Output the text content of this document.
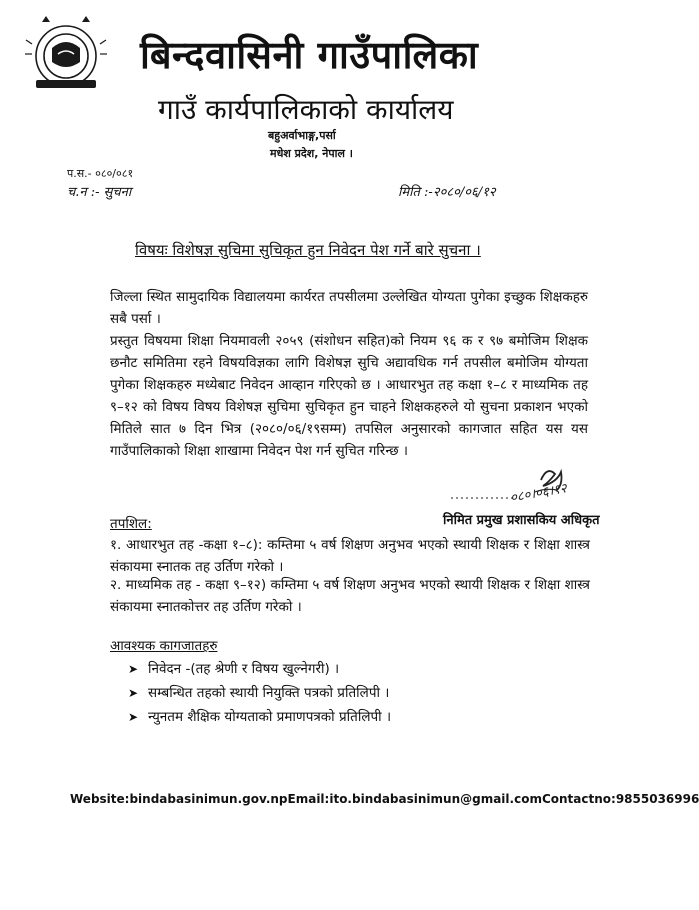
बिन्दवासिनी गाउँपालिका
गाउँ कार्यपालिकाको कार्यालय
बहुअर्वाभाङ्ग,पर्सा
मधेश प्रदेश, नेपाल ।
प.स.- ०८०/०८१
च.न :- सुचना	मिति :-२०८०/०६/१२
विषयः विशेषज्ञ सुचिमा सुचिकृत हुन निवेदन पेश गर्ने बारे सुचना ।
जिल्ला स्थित सामुदायिक विद्यालयमा कार्यरत तपसीलमा उल्लेखित योग्यता पुगेका इच्छुक शिक्षकहरु सबै पर्सा ।
प्रस्तुत विषयमा शिक्षा नियमावली २०५९ (संशोधन सहित)को नियम ९६ क र ९७ बमोजिम शिक्षक छनौट समितिमा रहने विषयविज्ञका लागि विशेषज्ञ सुचि अद्यावधिक गर्न तपसील बमोजिम योग्यता पुगेका शिक्षकहरु मध्येबाट निवेदन आव्हान गरिएको छ । आधारभुत तह कक्षा १–८ र माध्यमिक तह ९–१२ को विषय विषय विशेषज्ञ सुचिमा सुचिकृत हुन चाहने शिक्षकहरुले यो सुचना प्रकाशन भएको मितिले सात ७ दिन भित्र (२०८०/०६/१९सम्म) तपसिल अनुसारको कागजात सहित यस यस गाउँपालिकाको शिक्षा शाखामा निवेदन पेश गर्न सुचित गरिन्छ ।
०८०।०६।१२
निमित प्रमुख प्रशासकिय अधिकृत
तपशिल:
१. आधारभुत तह -कक्षा १–८): कम्तिमा ५ वर्ष शिक्षण अनुभव भएको स्थायी शिक्षक र शिक्षा शास्त्र संकायमा स्नातक तह उर्तिण गरेको ।
२. माध्यमिक तह - कक्षा ९–१२) कम्तिमा ५ वर्ष शिक्षण अनुभव भएको स्थायी शिक्षक र शिक्षा शास्त्र संकायमा स्नातकोत्तर तह उर्तिण गरेको ।
आवश्यक कागजातहरु
➤ निवेदन -(तह श्रेणी र विषय खुल्नेगरी) ।
➤ सम्बन्धित तहको स्थायी नियुक्ति पत्रको प्रतिलिपी ।
➤ न्युनतम शैक्षिक योग्यताको प्रमाणपत्रको प्रतिलिपी ।
Website:bindabasinimun.gov.npEmail:ito.bindabasinimun@gmail.comContactno:9855036996
